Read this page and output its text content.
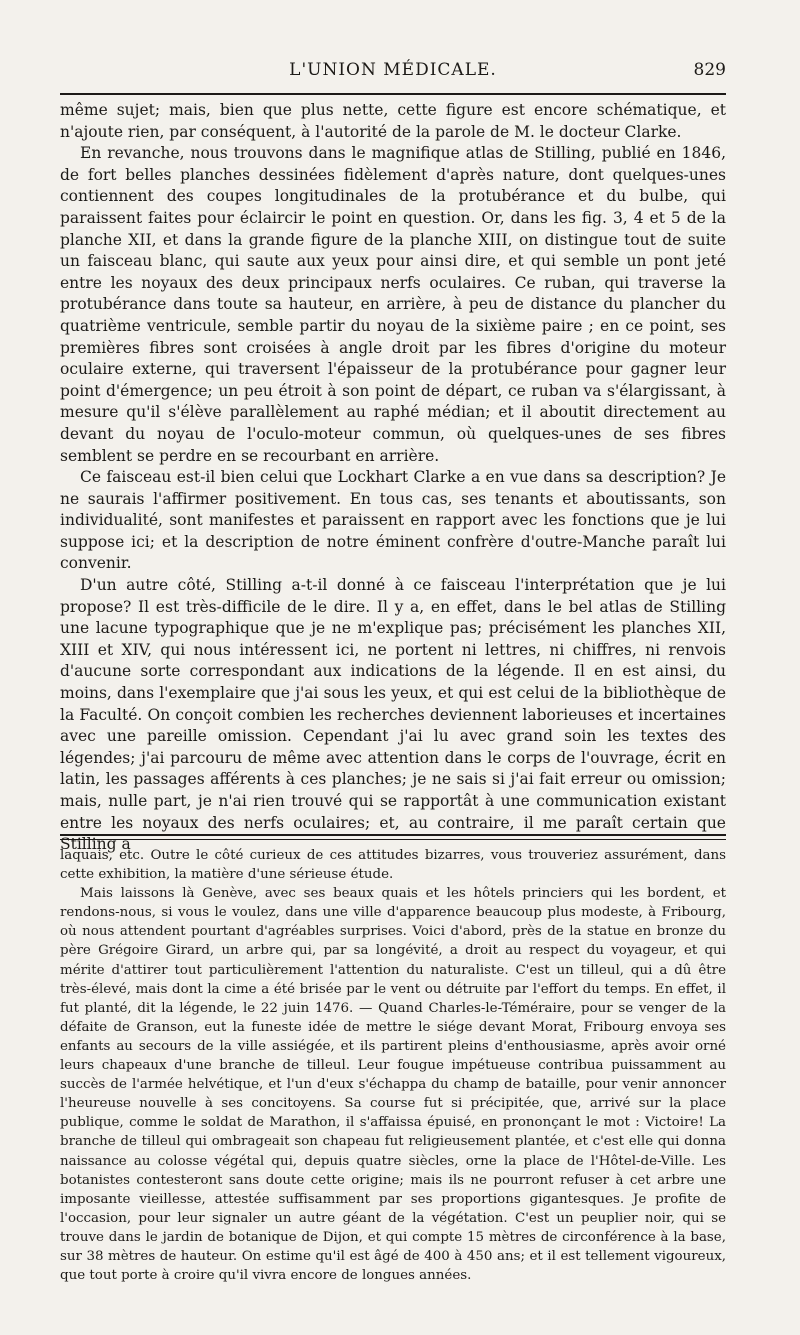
L'UNION MÉDICALE.	829

même sujet; mais, bien que plus nette, cette figure est encore schématique, et n'ajoute rien, par conséquent, à l'autorité de la parole de M. le docteur Clarke.

En revanche, nous trouvons dans le magnifique atlas de Stilling, publié en 1846, de fort belles planches dessinées fidèlement d'après nature, dont quelques-unes contiennent des coupes longitudinales de la protubérance et du bulbe, qui paraissent faites pour éclaircir le point en question. Or, dans les fig. 3, 4 et 5 de la planche XII, et dans la grande figure de la planche XIII, on distingue tout de suite un faisceau blanc, qui saute aux yeux pour ainsi dire, et qui semble un pont jeté entre les noyaux des deux principaux nerfs oculaires. Ce ruban, qui traverse la protubérance dans toute sa hauteur, en arrière, à peu de distance du plancher du quatrième ventricule, semble partir du noyau de la sixième paire ; en ce point, ses premières fibres sont croisées à angle droit par les fibres d'origine du moteur oculaire externe, qui traversent l'épaisseur de la protubérance pour gagner leur point d'émergence; un peu étroit à son point de départ, ce ruban va s'élargissant, à mesure qu'il s'élève parallèlement au raphé médian; et il aboutit directement au devant du noyau de l'oculo-moteur commun, où quelques-unes de ses fibres semblent se perdre en se recourbant en arrière.

Ce faisceau est-il bien celui que Lockhart Clarke a en vue dans sa description? Je ne saurais l'affirmer positivement. En tous cas, ses tenants et aboutissants, son individualité, sont manifestes et paraissent en rapport avec les fonctions que je lui suppose ici; et la description de notre éminent confrère d'outre-Manche paraît lui convenir.

D'un autre côté, Stilling a-t-il donné à ce faisceau l'interprétation que je lui propose? Il est très-difficile de le dire. Il y a, en effet, dans le bel atlas de Stilling une lacune typographique que je ne m'explique pas; précisément les planches XII, XIII et XIV, qui nous intéressent ici, ne portent ni lettres, ni chiffres, ni renvois d'aucune sorte correspondant aux indications de la légende. Il en est ainsi, du moins, dans l'exemplaire que j'ai sous les yeux, et qui est celui de la bibliothèque de la Faculté. On conçoit combien les recherches deviennent laborieuses et incertaines avec une pareille omission. Cependant j'ai lu avec grand soin les textes des légendes; j'ai parcouru de même avec attention dans le corps de l'ouvrage, écrit en latin, les passages afférents à ces planches; je ne sais si j'ai fait erreur ou omission; mais, nulle part, je n'ai rien trouvé qui se rapportât à une communication existant entre les noyaux des nerfs oculaires; et, au contraire, il me paraît certain que Stilling a

laquais, etc. Outre le côté curieux de ces attitudes bizarres, vous trouveriez assurément, dans cette exhibition, la matière d'une sérieuse étude.

Mais laissons là Genève, avec ses beaux quais et les hôtels princiers qui les bordent, et rendons-nous, si vous le voulez, dans une ville d'apparence beaucoup plus modeste, à Fribourg, où nous attendent pourtant d'agréables surprises. Voici d'abord, près de la statue en bronze du père Grégoire Girard, un arbre qui, par sa longévité, a droit au respect du voyageur, et qui mérite d'attirer tout particulièrement l'attention du naturaliste. C'est un tilleul, qui a dû être très-élevé, mais dont la cime a été brisée par le vent ou détruite par l'effort du temps. En effet, il fut planté, dit la légende, le 22 juin 1476. — Quand Charles-le-Téméraire, pour se venger de la défaite de Granson, eut la funeste idée de mettre le siége devant Morat, Fribourg envoya ses enfants au secours de la ville assiégée, et ils partirent pleins d'enthousiasme, après avoir orné leurs chapeaux d'une branche de tilleul. Leur fougue impétueuse contribua puissamment au succès de l'armée helvétique, et l'un d'eux s'échappa du champ de bataille, pour venir annoncer l'heureuse nouvelle à ses concitoyens. Sa course fut si précipitée, que, arrivé sur la place publique, comme le soldat de Marathon, il s'affaissa épuisé, en prononçant le mot : Victoire! La branche de tilleul qui ombrageait son chapeau fut religieusement plantée, et c'est elle qui donna naissance au colosse végétal qui, depuis quatre siècles, orne la place de l'Hôtel-de-Ville. Les botanistes contesteront sans doute cette origine; mais ils ne pourront refuser à cet arbre une imposante vieillesse, attestée suffisamment par ses proportions gigantesques. Je profite de l'occasion, pour leur signaler un autre géant de la végétation. C'est un peuplier noir, qui se trouve dans le jardin de botanique de Dijon, et qui compte 15 mètres de circonférence à la base, sur 38 mètres de hauteur. On estime qu'il est âgé de 400 à 450 ans; et il est tellement vigoureux, que tout porte à croire qu'il vivra encore de longues années.
